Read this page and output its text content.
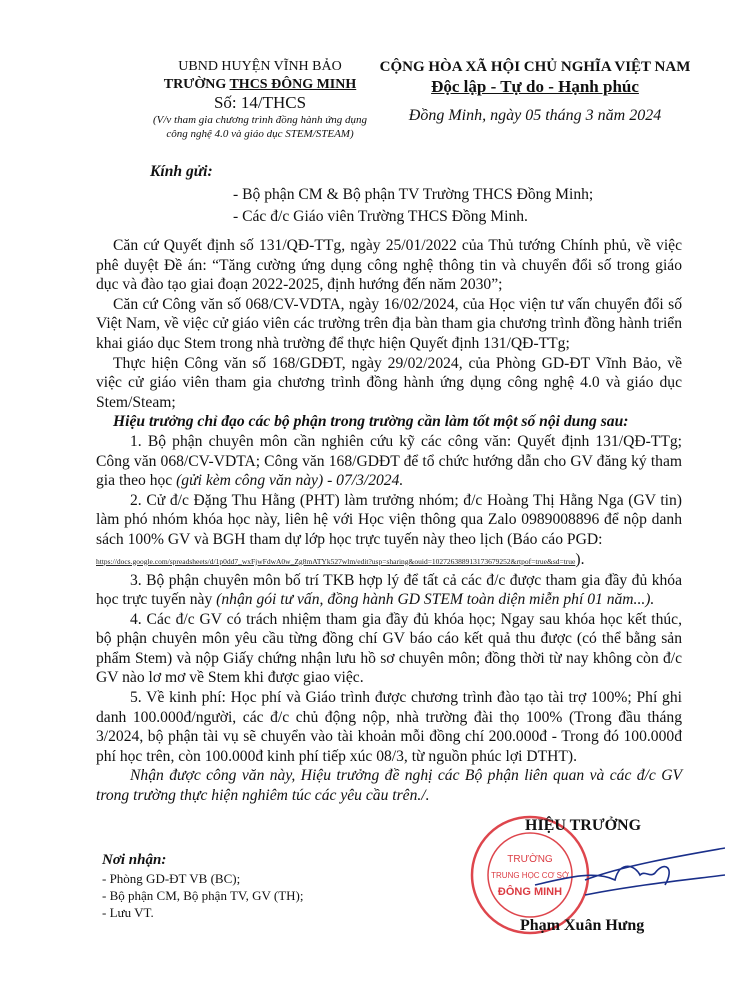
UBND HUYỆN VĨNH BẢO
TRƯỜNG THCS ĐÔNG MINH
Số: 14/THCS
(V/v tham gia chương trình đồng hành ứng dụng
công nghệ 4.0 và giáo dục STEM/STEAM)
CỘNG HÒA XÃ HỘI CHỦ NGHĨA VIỆT NAM
Độc lập - Tự do - Hạnh phúc
Đồng Minh, ngày 05 tháng 3 năm 2024
Kính gửi:
- Bộ phận CM & Bộ phận TV Trường THCS Đồng Minh;
- Các đ/c Giáo viên Trường THCS Đồng Minh.

Căn cứ Quyết định số 131/QĐ-TTg, ngày 25/01/2022 của Thủ tướng Chính phủ, về việc phê duyệt Đề án: “Tăng cường ứng dụng công nghệ thông tin và chuyển đổi số trong giáo dục và đào tạo giai đoạn 2022-2025, định hướng đến năm 2030”;

Căn cứ Công văn số 068/CV-VDTA, ngày 16/02/2024, của Học viện tư vấn chuyển đổi số Việt Nam, về việc cử giáo viên các trường trên địa bàn tham gia chương trình đồng hành triển khai giáo dục Stem trong nhà trường để thực hiện Quyết định 131/QĐ-TTg;

Thực hiện Công văn số 168/GDĐT, ngày 29/02/2024, của Phòng GD-ĐT Vĩnh Bảo, về việc cử giáo viên tham gia chương trình đồng hành ứng dụng công nghệ 4.0 và giáo dục Stem/Steam;

Hiệu trưởng chỉ đạo các bộ phận trong trường cần làm tốt một số nội dung sau:

1. Bộ phận chuyên môn cần nghiên cứu kỹ các công văn: Quyết định 131/QĐ-TTg; Công văn 068/CV-VDTA; Công văn 168/GDĐT để tổ chức hướng dẫn cho GV đăng ký tham gia theo học (gửi kèm công văn này) - 07/3/2024.

2. Cử đ/c Đặng Thu Hằng (PHT) làm trưởng nhóm; đ/c Hoàng Thị Hằng Nga (GV tin) làm phó nhóm khóa học này, liên hệ với Học viện thông qua Zalo 0989008896 để nộp danh sách 100% GV và BGH tham dự lớp học trực tuyến này theo lịch (Báo cáo PGD:

https://docs.google.com/spreadsheets/d/1p0dd7_wxFjwFdwA0w_Zg8mATYk527wlm/edit?usp=sharing&ouid=102726388913173679252&rtpof=true&sd=true).

3. Bộ phận chuyên môn bố trí TKB hợp lý để tất cả các đ/c được tham gia đầy đủ khóa học trực tuyến này (nhận gói tư vấn, đồng hành GD STEM toàn diện miễn phí 01 năm...).

4. Các đ/c GV có trách nhiệm tham gia đầy đủ khóa học; Ngay sau khóa học kết thúc, bộ phận chuyên môn yêu cầu từng đồng chí GV báo cáo kết quả thu được (có thể bằng sản phẩm Stem) và nộp Giấy chứng nhận lưu hồ sơ chuyên môn; đồng thời từ nay không còn đ/c GV nào lơ mơ về Stem khi được giao việc.

5. Về kinh phí: Học phí và Giáo trình được chương trình đào tạo tài trợ 100%; Phí ghi danh 100.000đ/người, các đ/c chủ động nộp, nhà trường đài thọ 100% (Trong đầu tháng 3/2024, bộ phận tài vụ sẽ chuyển vào tài khoản mỗi đồng chí 200.000đ - Trong đó 100.000đ phí học trên, còn 100.000đ kinh phí tiếp xúc 08/3, từ nguồn phúc lợi DTHT).

Nhận được công văn này, Hiệu trưởng đề nghị các Bộ phận liên quan và các đ/c GV trong trường thực hiện nghiêm túc các yêu cầu trên./.

Nơi nhận:
- Phòng GD-ĐT VB (BC);
- Bộ phận CM, Bộ phận TV, GV (TH);
- Lưu VT.
TRƯỜNG
TRUNG HỌC CƠ SỞ
ĐÔNG MINH
HIỆU TRƯỞNG
Phạm Xuân Hưng
